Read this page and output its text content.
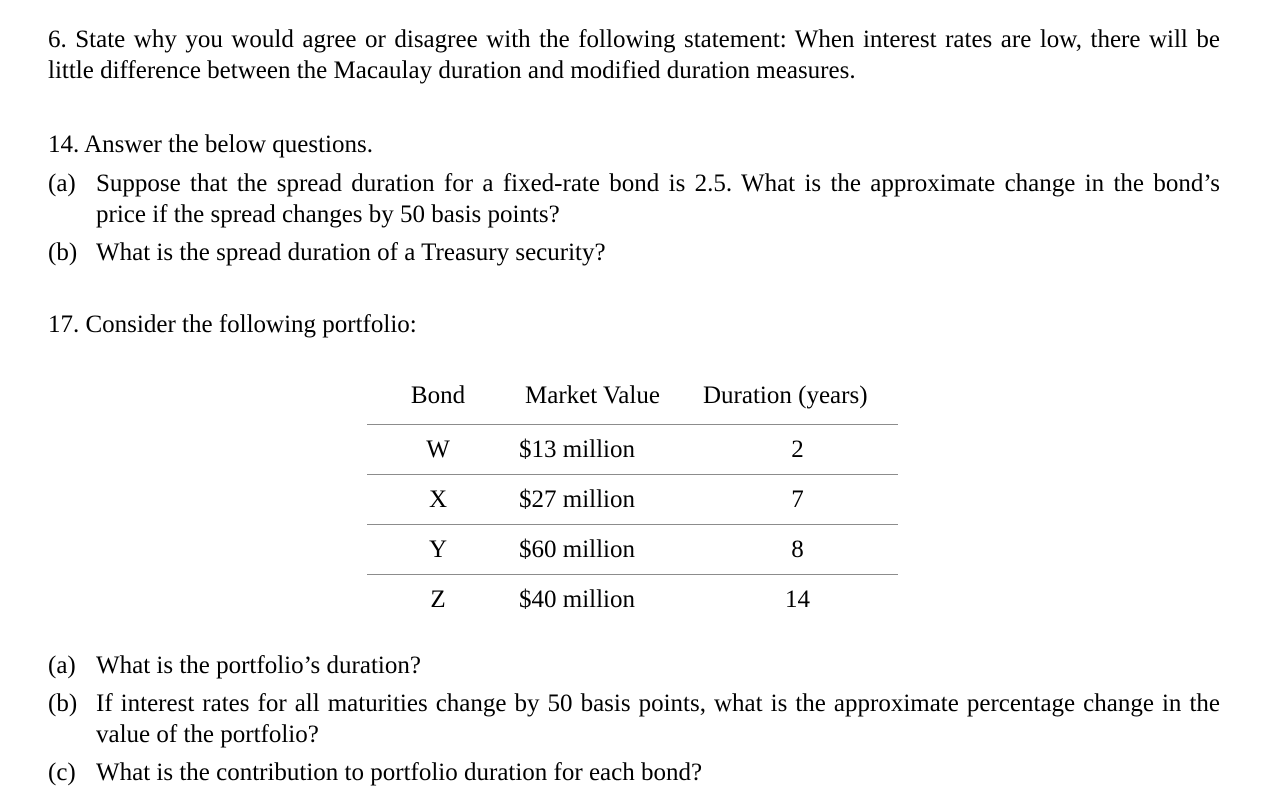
6. State why you would agree or disagree with the following statement: When interest rates are low, there will be little difference between the Macaulay duration and modified duration measures.

14. Answer the below questions.

(a) Suppose that the spread duration for a fixed-rate bond is 2.5. What is the approximate change in the bond’s price if the spread changes by 50 basis points?
(b) What is the spread duration of a Treasury security?

17. Consider the following portfolio:

Bond	Market Value	Duration (years)
W	$13 million	2
X	$27 million	7
Y	$60 million	8
Z	$40 million	14
(a) What is the portfolio’s duration?
(b) If interest rates for all maturities change by 50 basis points, what is the approximate percentage change in the value of the portfolio?
(c) What is the contribution to portfolio duration for each bond?
